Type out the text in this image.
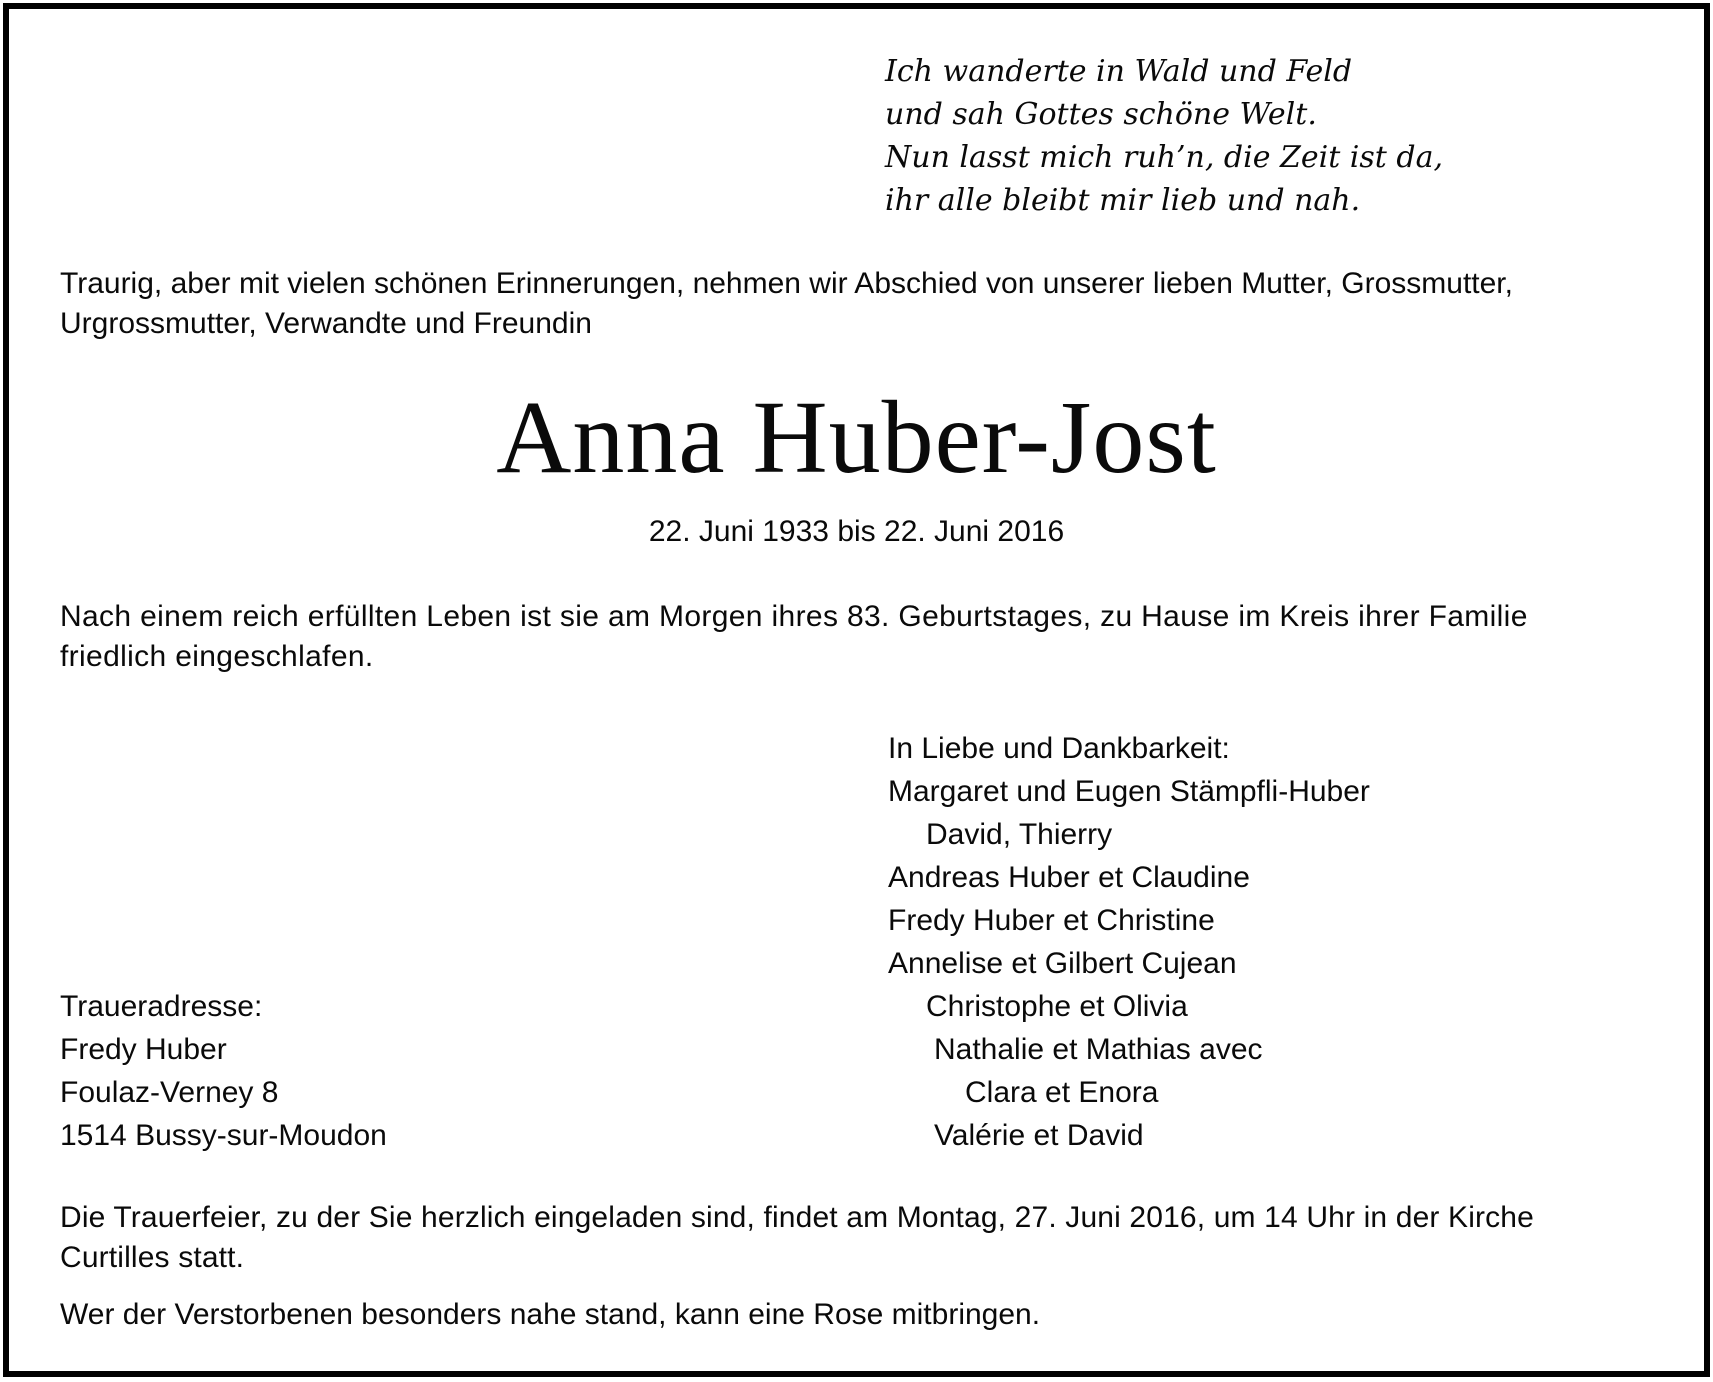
Ich wanderte in Wald und Feld
und sah Gottes schöne Welt.
Nun lasst mich ruh’n, die Zeit ist da,
ihr alle bleibt mir lieb und nah.
Traurig, aber mit vielen schönen Erinnerungen, nehmen wir Abschied von unserer lieben Mutter, Grossmutter,
Urgrossmutter, Verwandte und Freundin
Anna Huber-Jost
22. Juni 1933 bis 22. Juni 2016
Nach einem reich erfüllten Leben ist sie am Morgen ihres 83. Geburtstages, zu Hause im Kreis ihrer Familie
friedlich eingeschlafen.
In Liebe und Dankbarkeit:
Margaret und Eugen Stämpfli-Huber
David, Thierry
Andreas Huber et Claudine
Fredy Huber et Christine
Annelise et Gilbert Cujean
Christophe et Olivia
Nathalie et Mathias avec
Clara et Enora
Valérie et David
Traueradresse:
Fredy Huber
Foulaz-Verney 8
1514 Bussy-sur-Moudon
Die Trauerfeier, zu der Sie herzlich eingeladen sind, findet am Montag, 27. Juni 2016, um 14 Uhr in der Kirche
Curtilles statt.
Wer der Verstorbenen besonders nahe stand, kann eine Rose mitbringen.
